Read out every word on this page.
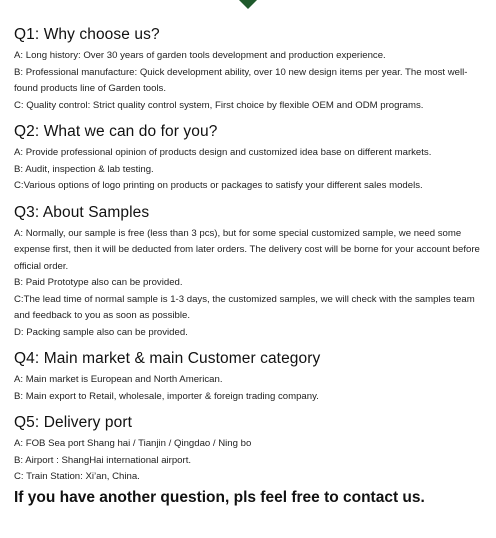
Q1: Why choose us?

A: Long history: Over 30 years of garden tools development and production experience.

B: Professional manufacture: Quick development ability, over 10 new design items per year. The most well-found products line of Garden tools.

C: Quality control: Strict quality control system, First choice by flexible OEM and ODM programs.

Q2: What we can do for you?

A: Provide professional opinion of products design and customized idea base on different markets.

B: Audit, inspection & lab testing.

C:Various options of logo printing on products or packages to satisfy your different sales models.

Q3: About Samples

A: Normally, our sample is free (less than 3 pcs), but for some special customized sample, we need some expense first, then it will be deducted from later orders. The delivery cost will be borne for your account before official order.

B: Paid Prototype also can be provided.

C:The lead time of normal sample is 1-3 days, the customized samples, we will check with the samples team and feedback to you as soon as possible.

D: Packing sample also can be provided.

Q4: Main market & main Customer category

A: Main market is European and North American.

B: Main export to Retail, wholesale, importer & foreign trading company.

Q5: Delivery port

A: FOB Sea port Shang hai / Tianjin / Qingdao / Ning bo

B: Airport : ShangHai international airport.

C: Train Station: Xi’an, China.

If you have another question, pls feel free to contact us.
